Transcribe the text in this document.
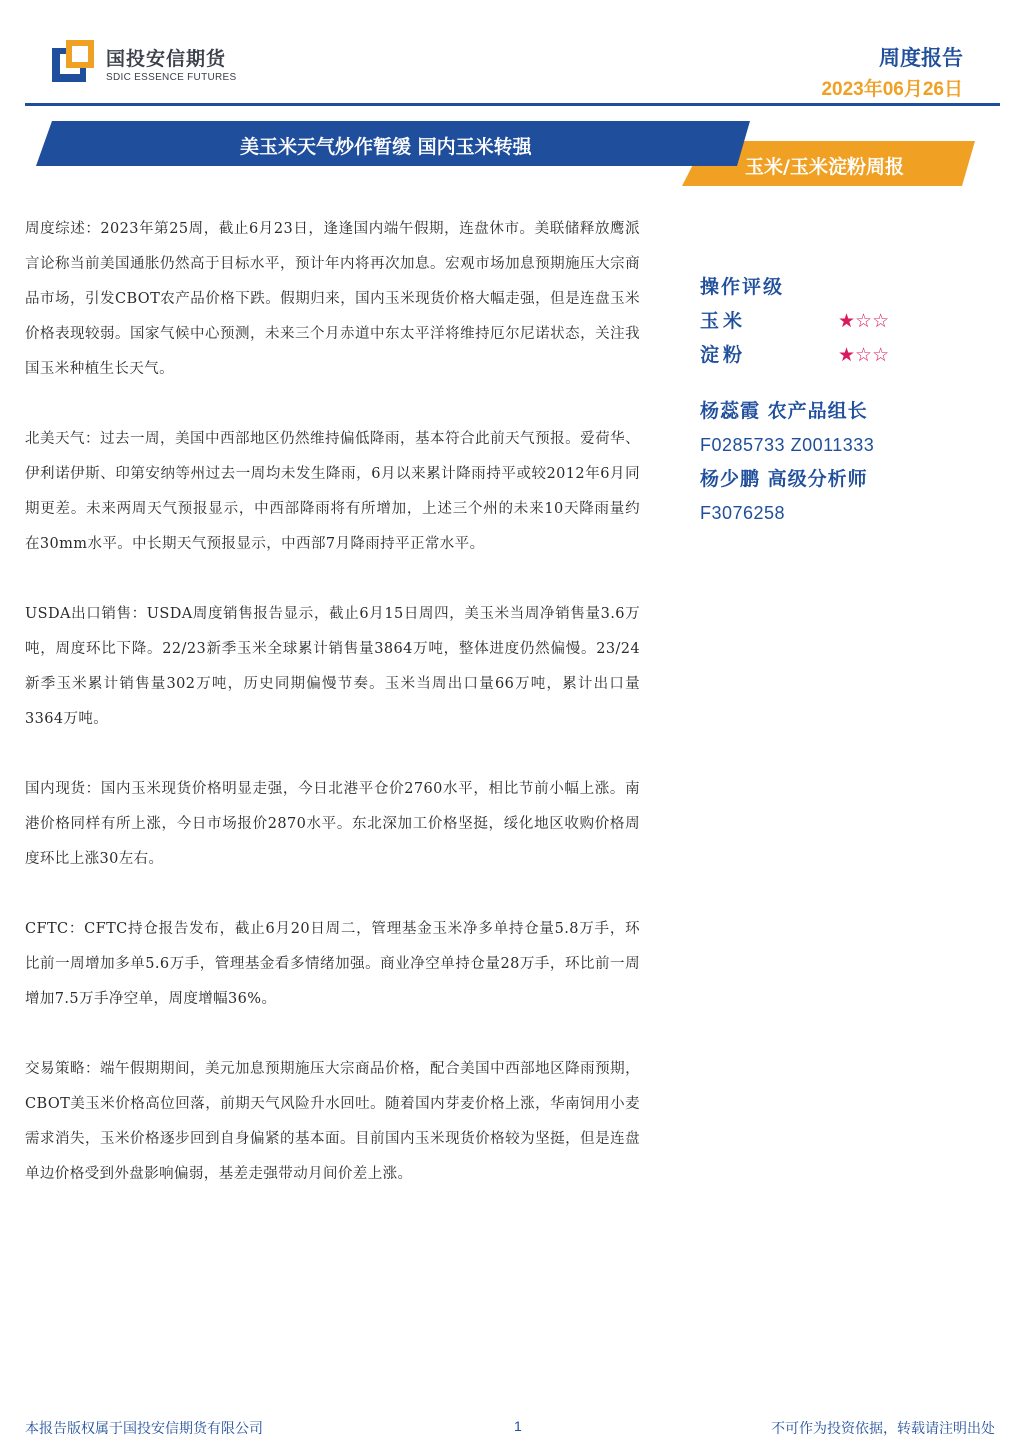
国投安信期货
SDIC ESSENCE FUTURES
周度报告
2023年06月26日
美玉米天气炒作暂缓 国内玉米转强
玉米/玉米淀粉周报

周度综述：2023年第25周，截止6月23日，逢逢国内端午假期，连盘休市。美联储释放鹰派言论称当前美国通胀仍然高于目标水平，预计年内将再次加息。宏观市场加息预期施压大宗商品市场，引发CBOT农产品价格下跌。假期归来，国内玉米现货价格大幅走强，但是连盘玉米价格表现较弱。国家气候中心预测，未来三个月赤道中东太平洋将维持厄尔尼诺状态，关注我国玉米种植生长天气。

北美天气：过去一周，美国中西部地区仍然维持偏低降雨，基本符合此前天气预报。爱荷华、伊利诺伊斯、印第安纳等州过去一周均未发生降雨，6月以来累计降雨持平或较2012年6月同期更差。未来两周天气预报显示，中西部降雨将有所增加，上述三个州的未来10天降雨量约在30mm水平。中长期天气预报显示，中西部7月降雨持平正常水平。

USDA出口销售：USDA周度销售报告显示，截止6月15日周四，美玉米当周净销售量3.6万吨，周度环比下降。22/23新季玉米全球累计销售量3864万吨，整体进度仍然偏慢。23/24新季玉米累计销售量302万吨，历史同期偏慢节奏。玉米当周出口量66万吨，累计出口量3364万吨。

国内现货：国内玉米现货价格明显走强，今日北港平仓价2760水平，相比节前小幅上涨。南港价格同样有所上涨，今日市场报价2870水平。东北深加工价格坚挺，绥化地区收购价格周度环比上涨30左右。

CFTC：CFTC持仓报告发布，截止6月20日周二，管理基金玉米净多单持仓量5.8万手，环比前一周增加多单5.6万手，管理基金看多情绪加强。商业净空单持仓量28万手，环比前一周增加7.5万手净空单，周度增幅36%。

交易策略：端午假期期间，美元加息预期施压大宗商品价格，配合美国中西部地区降雨预期，CBOT美玉米价格高位回落，前期天气风险升水回吐。随着国内芽麦价格上涨，华南饲用小麦需求消失，玉米价格逐步回到自身偏紧的基本面。目前国内玉米现货价格较为坚挺，但是连盘单边价格受到外盘影响偏弱，基差走强带动月间价差上涨。

操作评级
玉米	★☆☆
淀粉	★☆☆
杨蕊霞 农产品组长
F0285733 Z0011333
杨少鹏 高级分析师
F3076258
本报告版权属于国投安信期货有限公司	1	不可作为投资依据，转载请注明出处
